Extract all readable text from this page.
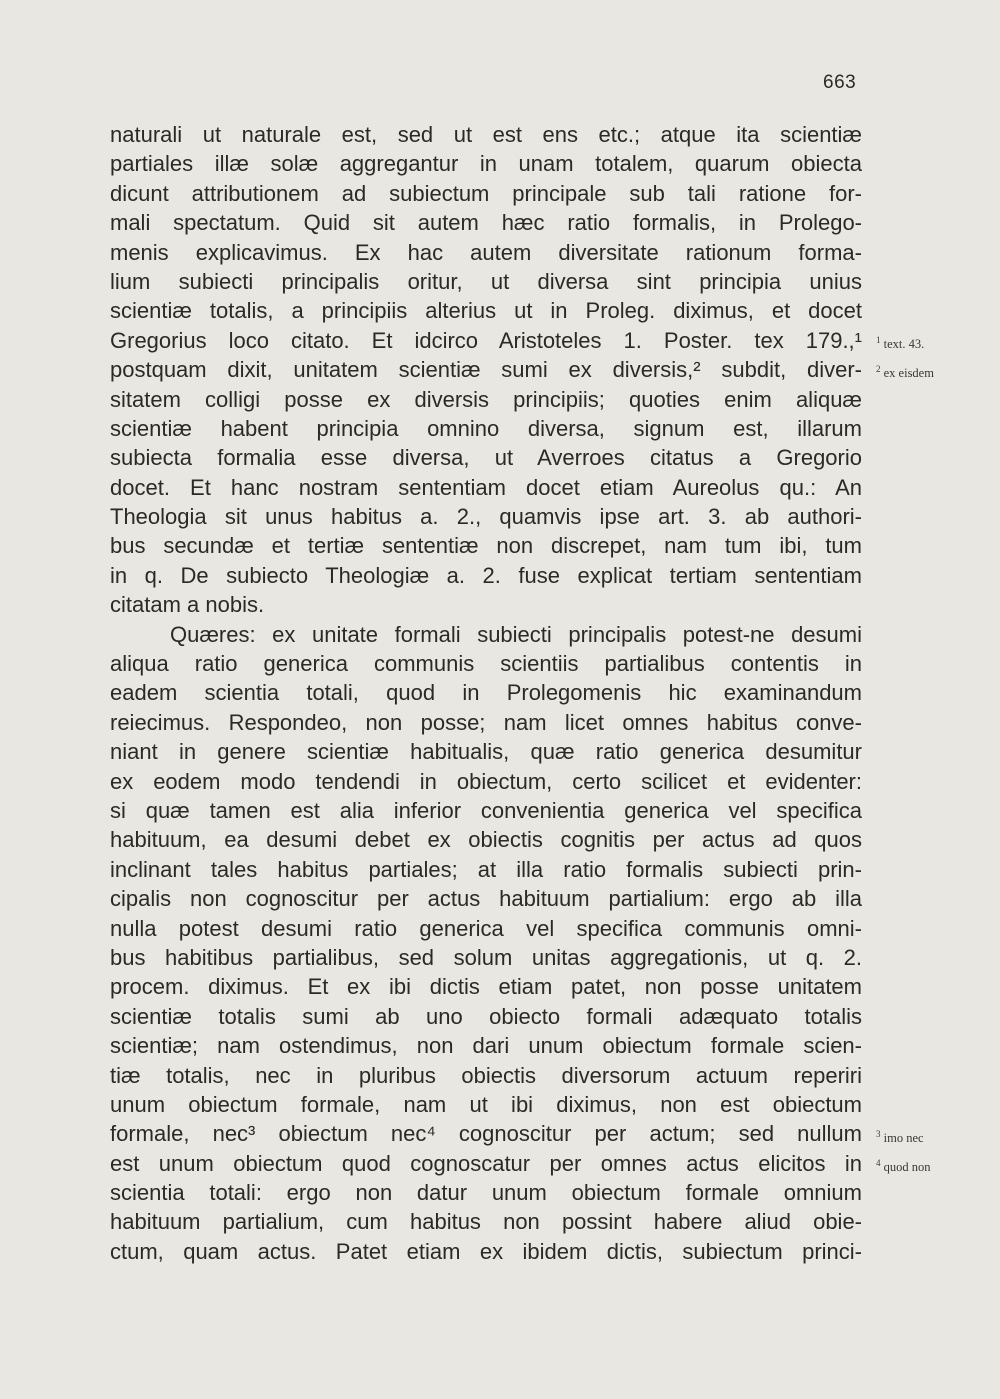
663
naturali ut naturale est, sed ut est ens etc.; atque ita scientiæ
partiales illæ solæ aggregantur in unam totalem, quarum obiecta
dicunt attributionem ad subiectum principale sub tali ratione for-
mali spectatum. Quid sit autem hæc ratio formalis, in Prolego-
menis explicavimus. Ex hac autem diversitate rationum forma-
lium subiecti principalis oritur, ut diversa sint principia unius
scientiæ totalis, a principiis alterius ut in Proleg. diximus, et docet
Gregorius loco citato. Et idcirco Aristoteles 1. Poster. tex 179.,¹
postquam dixit, unitatem scientiæ sumi ex diversis,² subdit, diver-
sitatem colligi posse ex diversis principiis; quoties enim aliquæ
scientiæ habent principia omnino diversa, signum est, illarum
subiecta formalia esse diversa, ut Averroes citatus a Gregorio
docet. Et hanc nostram sententiam docet etiam Aureolus qu.: An
Theologia sit unus habitus a. 2., quamvis ipse art. 3. ab authori-
bus secundæ et tertiæ sententiæ non discrepet, nam tum ibi, tum
in q. De subiecto Theologiæ a. 2. fuse explicat tertiam sententiam
citatam a nobis.
Quæres: ex unitate formali subiecti principalis potest-ne desumi
aliqua ratio generica communis scientiis partialibus contentis in
eadem scientia totali, quod in Prolegomenis hic examinandum
reiecimus. Respondeo, non posse; nam licet omnes habitus conve-
niant in genere scientiæ habitualis, quæ ratio generica desumitur
ex eodem modo tendendi in obiectum, certo scilicet et evidenter:
si quæ tamen est alia inferior convenientia generica vel specifica
habituum, ea desumi debet ex obiectis cognitis per actus ad quos
inclinant tales habitus partiales; at illa ratio formalis subiecti prin-
cipalis non cognoscitur per actus habituum partialium: ergo ab illa
nulla potest desumi ratio generica vel specifica communis omni-
bus habitibus partialibus, sed solum unitas aggregationis, ut q. 2.
procem. diximus. Et ex ibi dictis etiam patet, non posse unitatem
scientiæ totalis sumi ab uno obiecto formali adæquato totalis
scientiæ; nam ostendimus, non dari unum obiectum formale scien-
tiæ totalis, nec in pluribus obiectis diversorum actuum reperiri
unum obiectum formale, nam ut ibi diximus, non est obiectum
formale, nec³ obiectum nec⁴ cognoscitur per actum; sed nullum
est unum obiectum quod cognoscatur per omnes actus elicitos in
scientia totali: ergo non datur unum obiectum formale omnium
habituum partialium, cum habitus non possint habere aliud obie-
ctum, quam actus. Patet etiam ex ibidem dictis, subiectum princi-
$^1$ text. 43.
$^2$ ex eisdem
$^3$ imo nec
$^4$ quod non
